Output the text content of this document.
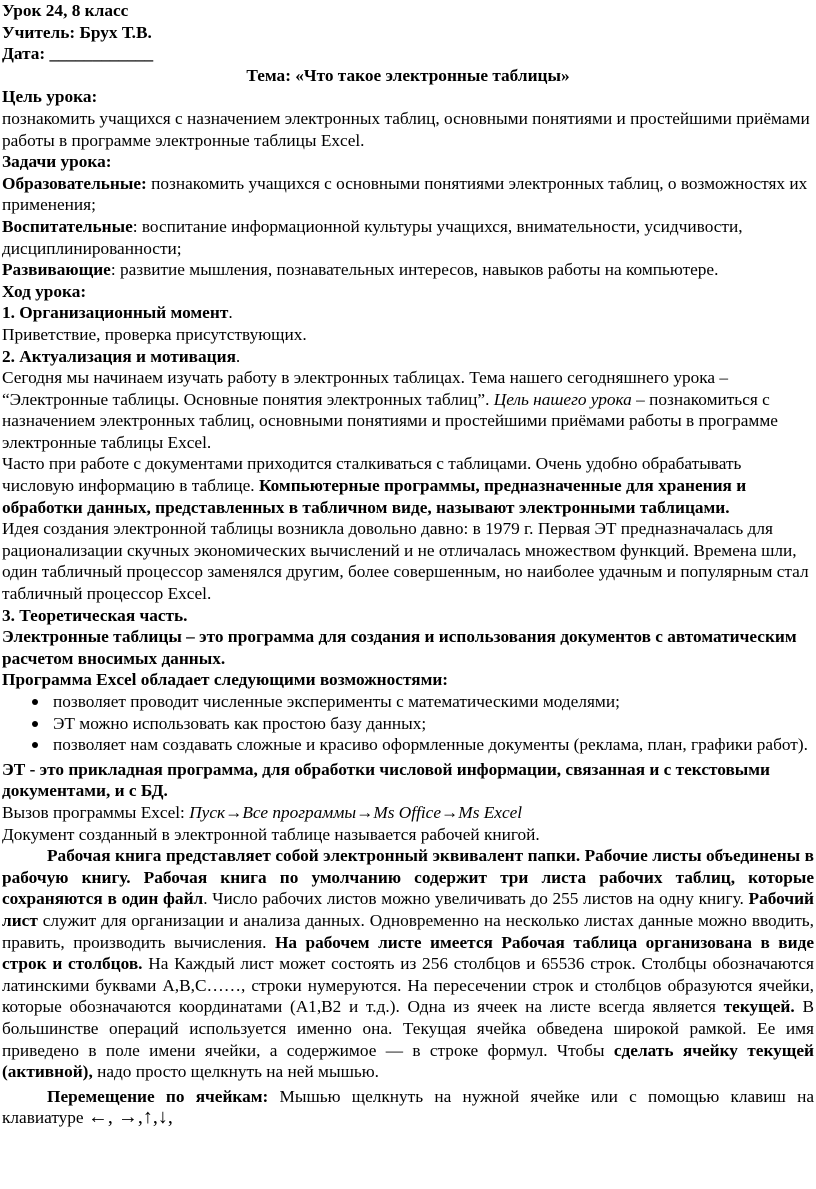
Урок 24, 8 класс

Учитель: Брух Т.В.

Дата: ____________

Тема: «Что такое электронные таблицы»

Цель урока:

познакомить учащихся с назначением электронных таблиц, основными понятиями и простейшими приёмами работы в программе электронные таблицы Excel.

Задачи урока:

Образовательные: познакомить учащихся с основными понятиями электронных таблиц, о возможностях их применения;

Воспитательные: воспитание информационной культуры учащихся, внимательности, усидчивости, дисциплинированности;

Развивающие: развитие мышления, познавательных интересов, навыков работы на компьютере.

Ход урока:

1. Организационный момент.

Приветствие, проверка присутствующих.

2. Актуализация и мотивация.

Сегодня мы начинаем изучать работу в электронных таблицах. Тема нашего сегодняшнего урока – “Электронные таблицы. Основные понятия электронных таблиц”. Цель нашего урока – познакомиться с назначением электронных таблиц, основными понятиями и простейшими приёмами работы в программе электронные таблицы Excel.

Часто при работе с документами приходится сталкиваться с таблицами. Очень удобно обрабатывать числовую информацию в таблице. Компьютерные программы, предназначенные для хранения и обработки данных, представленных в табличном виде, называют электронными таблицами.

Идея создания электронной таблицы возникла довольно давно: в 1979 г. Первая ЭТ предназначалась для рационализации скучных экономических вычислений и не отличалась множеством функций. Времена шли, один табличный процессор заменялся другим, более совершенным, но наиболее удачным и популярным стал табличный процессор Excel.

3. Теоретическая часть.

Электронные таблицы – это программа для создания и использования документов с автоматическим расчетом вносимых данных.

Программа Excel обладает следующими возможностями:

позволяет проводит численные эксперименты с математическими моделями;
ЭТ можно использовать как простою базу данных;
позволяет нам создавать сложные и красиво оформленные документы (реклама, план, графики работ).

ЭТ - это прикладная программа, для обработки числовой информации, связанная и с текстовыми документами, и с БД.

Вызов программы Excel: Пуск→Все программы→Ms Office→Ms Excel

Документ созданный в электронной таблице называется рабочей книгой.

Рабочая книга представляет собой электронный эквивалент папки. Рабочие листы объединены в рабочую книгу. Рабочая книга по умолчанию содержит три листа рабочих таблиц, которые сохраняются в один файл. Число рабочих листов можно увеличивать до 255 листов на одну книгу. Рабочий лист служит для организации и анализа данных. Одновременно на несколько листах данные можно вводить, править, производить вычисления. На рабочем листе имеется Рабочая таблица организована в виде строк и столбцов. На Каждый лист может состоять из 256 столбцов и 65536 строк. Столбцы обозначаются латинскими буквами А,В,С……, строки нумеруются. На пересечении строк и столбцов образуются ячейки, которые обозначаются координатами (А1,В2 и т.д.). Одна из ячеек на листе всегда является текущей. В большинстве операций используется именно она. Текущая ячейка обведена широкой рамкой. Ее имя приведено в поле имени ячейки, а содержимое — в строке формул. Чтобы сделать ячейку текущей (активной), надо просто щелкнуть на ней мышью.

Перемещение по ячейкам: Мышью щелкнуть на нужной ячейке или с помощью клавиш на клавиатуре ←, →,↑,↓,
